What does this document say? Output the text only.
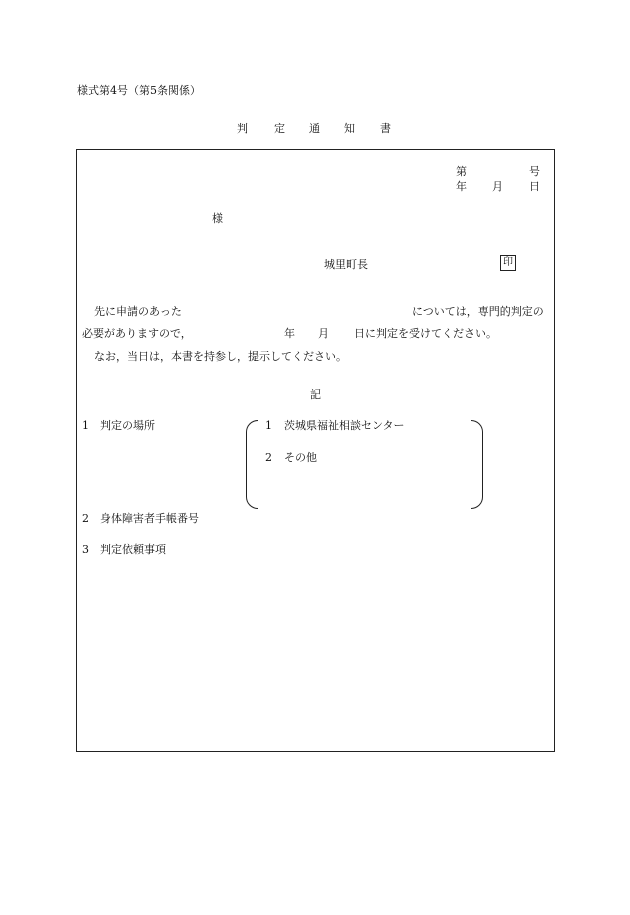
様式第4号（第5条関係）
判 定 通 知 書
第	号
年 月 日
様
城里町長	印
先に申請のあった	については，専門的判定の
必要がありますので，	年 月 日に判定を受けてください。
なお，当日は，本書を持参し，提示してください。
記
1 判定の場所	1 茨城県福祉相談センター
2 その他
2 身体障害者手帳番号
3 判定依頼事項
